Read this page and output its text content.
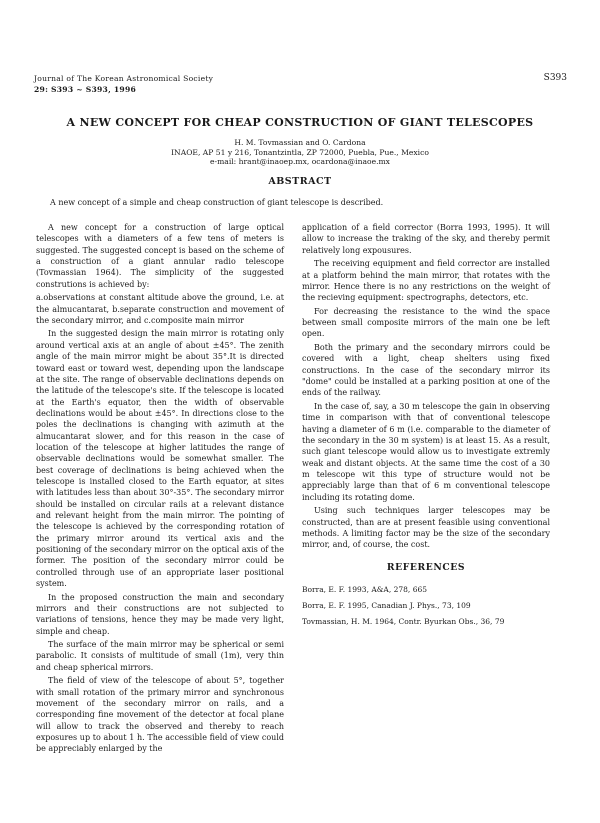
Journal of The Korean Astronomical Society
29: S393 ~ S393, 1996
S393
A NEW CONCEPT FOR CHEAP CONSTRUCTION OF GIANT TELESCOPES
H. M. Tovmassian and O. Cardona
INAOE, AP 51 y 216, Tonantzintla, ZP 72000, Puebla, Pue., Mexico
e-mail: hrant@inaoep.mx, ocardona@inaoe.mx
ABSTRACT
A new concept of a simple and cheap construction of giant telescope is described.

A new concept for a construction of large optical telescopes with a diameters of a few tens of meters is suggested. The suggested concept is based on the scheme of a construction of a giant annular radio telescope (Tovmassian 1964). The simplicity of the suggested construtions is achieved by:

a.observations at constant altitude above the ground, i.e. at the almucantarat, b.separate construction and movement of the secondary mirror, and c.composite main mirror

In the suggested design the main mirror is rotating only around vertical axis at an angle of about ±45°. The zenith angle of the main mirror might be about 35°.It is directed toward east or toward west, depending upon the landscape at the site. The range of observable declinations depends on the latitude of the telescope's site. If the telescope is located at the Earth's equator, then the width of observable declinations would be about ±45°. In directions close to the poles the declinations is changing with azimuth at the almucantarat slower, and for this reason in the case of location of the telescope at higher latitudes the range of observable declinations would be somewhat smaller. The best coverage of declinations is being achieved when the telescope is installed closed to the Earth equator, at sites with latitudes less than about 30°-35°. The secondary mirror should be installed on circular rails at a relevant distance and relevant height from the main mirror. The pointing of the telescope is achieved by the corresponding rotation of the primary mirror around its vertical axis and the positioning of the secondary mirror on the optical axis of the former. The position of the secondary mirror could be controlled through use of an appropriate laser positional system.

In the proposed construction the main and secondary mirrors and their constructions are not subjected to variations of tensions, hence they may be made very light, simple and cheap.

The surface of the main mirror may be spherical or semi parabolic. It consists of multitude of small (1m), very thin and cheap spherical mirrors.

The field of view of the telescope of about 5°, together with small rotation of the primary mirror and synchronous movement of the secondary mirror on rails, and a corresponding fine movement of the detector at focal plane will allow to track the observed and thereby to reach exposures up to about 1 h. The accessible field of view could be appreciably enlarged by the

application of a field corrector (Borra 1993, 1995). It will allow to increase the traking of the sky, and thereby permit relatively long expousures.

The receiving equipment and field corrector are installed at a platform behind the main mirror, that rotates with the mirror. Hence there is no any restrictions on the weight of the recieving equipment: spectrographs, detectors, etc.

For decreasing the resistance to the wind the space between small composite mirrors of the main one be left open.

Both the primary and the secondary mirrors could be covered with a light, cheap shelters using fixed constructions. In the case of the secondary mirror its "dome" could be installed at a parking position at one of the ends of the railway.

In the case of, say, a 30 m telescope the gain in observing time in comparison with that of conventional telescope having a diameter of 6 m (i.e. comparable to the diameter of the secondary in the 30 m system) is at least 15. As a result, such giant telescope would allow us to investigate extremly weak and distant objects. At the same time the cost of a 30 m telescope wit this type of structure would not be appreciably large than that of 6 m conventional telescope including its rotating dome.

Using such techniques larger telescopes may be constructed, than are at present feasible using conventional methods. A limiting factor may be the size of the secondary mirror, and, of course, the cost.

REFERENCES
Borra, E. F. 1993, A&A, 278, 665
Borra, E. F. 1995, Canadian J. Phys., 73, 109
Tovmassian, H. M. 1964, Contr. Byurkan Obs., 36, 79
